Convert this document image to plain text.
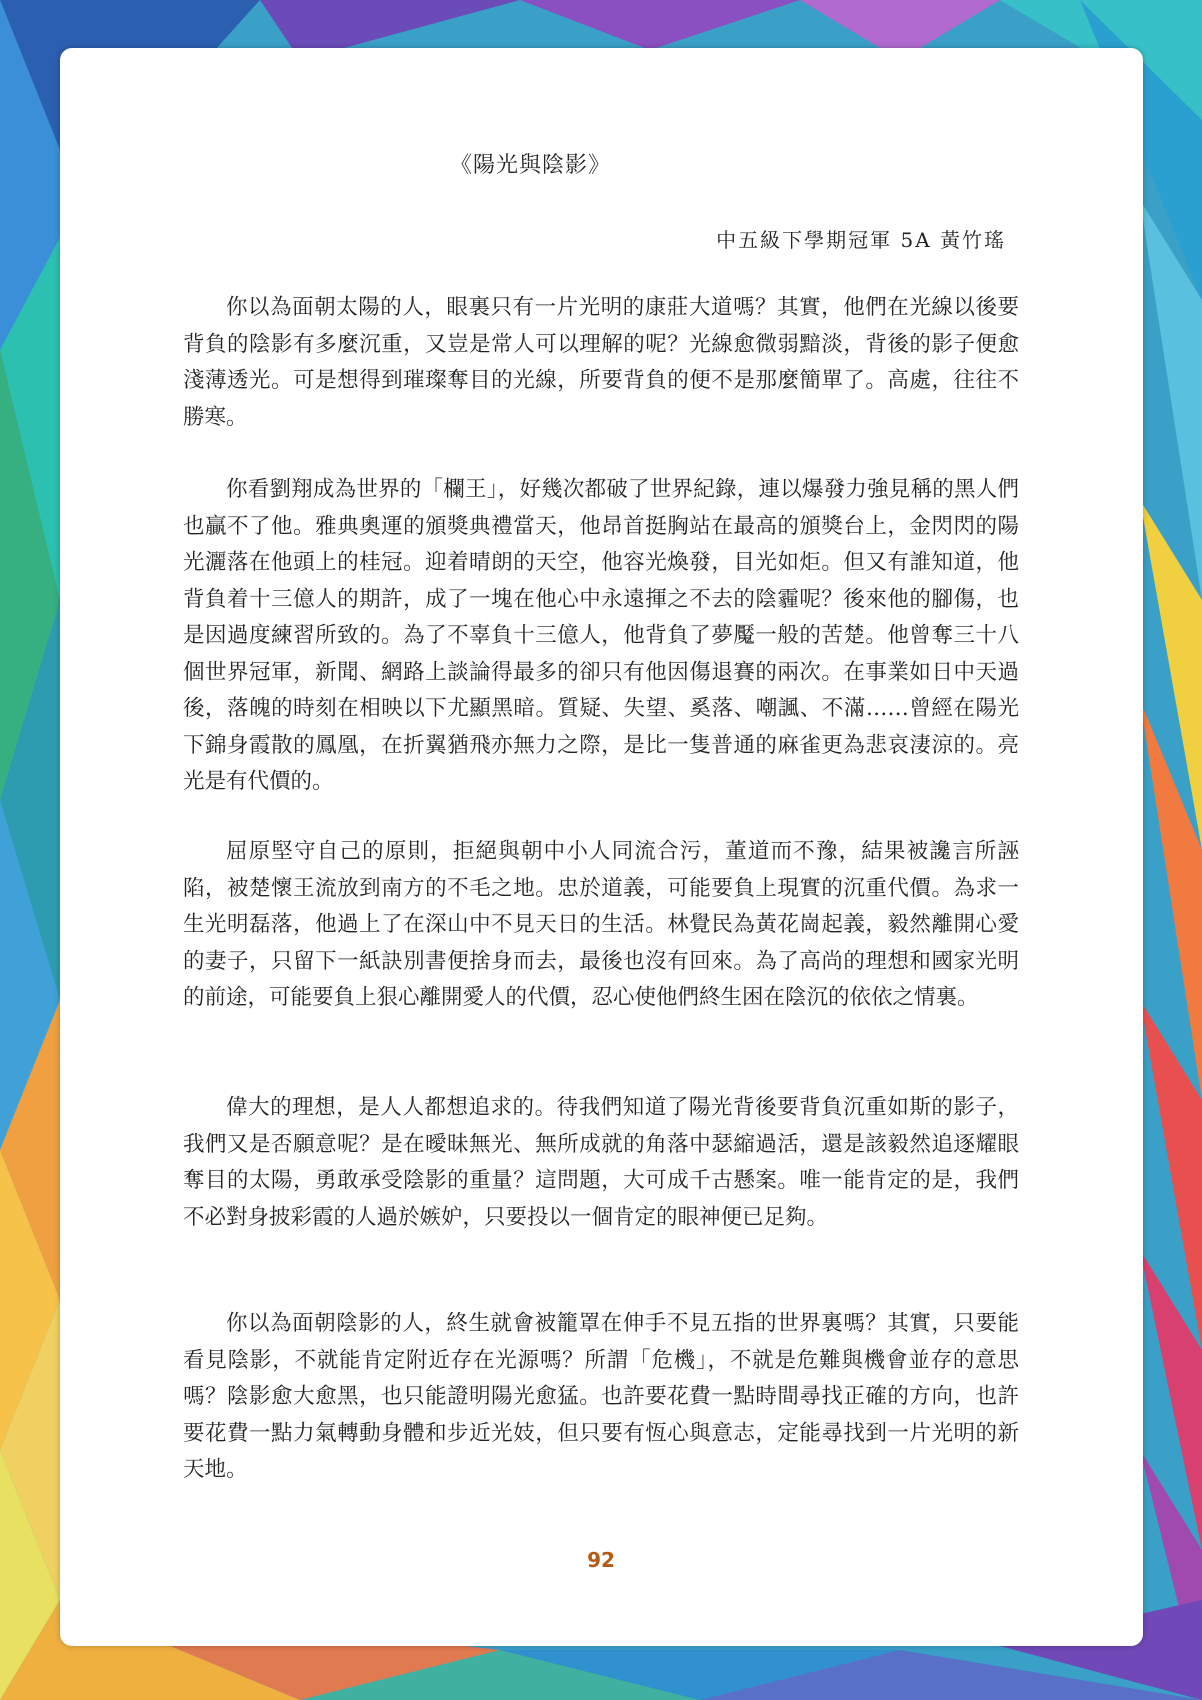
《陽光與陰影》
中五級下學期冠軍 5A 黃竹瑤

你以為面朝太陽的人，眼裏只有一片光明的康莊大道嗎？其實，他們在光線以後要背負的陰影有多麼沉重，又豈是常人可以理解的呢？光線愈微弱黯淡，背後的影子便愈淺薄透光。可是想得到璀璨奪目的光線，所要背負的便不是那麼簡單了。高處，往往不勝寒。

你看劉翔成為世界的「欄王」，好幾次都破了世界紀錄，連以爆發力強見稱的黑人們也贏不了他。雅典奧運的頒獎典禮當天，他昂首挺胸站在最高的頒獎台上，金閃閃的陽光灑落在他頭上的桂冠。迎着晴朗的天空，他容光煥發，目光如炬。但又有誰知道，他背負着十三億人的期許，成了一塊在他心中永遠揮之不去的陰霾呢？後來他的腳傷，也是因過度練習所致的。為了不辜負十三億人，他背負了夢魘一般的苦楚。他曾奪三十八個世界冠軍，新聞、網路上談論得最多的卻只有他因傷退賽的兩次。在事業如日中天過後，落魄的時刻在相映以下尤顯黑暗。質疑、失望、奚落、嘲諷、不滿……曾經在陽光下錦身霞散的鳳凰，在折翼猶飛亦無力之際，是比一隻普通的麻雀更為悲哀淒涼的。亮光是有代價的。

屈原堅守自己的原則，拒絕與朝中小人同流合污，董道而不豫，結果被讒言所誣陷，被楚懷王流放到南方的不毛之地。忠於道義，可能要負上現實的沉重代價。為求一生光明磊落，他過上了在深山中不見天日的生活。林覺民為黃花崗起義，毅然離開心愛的妻子，只留下一紙訣別書便捨身而去，最後也沒有回來。為了高尚的理想和國家光明的前途，可能要負上狠心離開愛人的代價，忍心使他們終生困在陰沉的依依之情裏。

偉大的理想，是人人都想追求的。待我們知道了陽光背後要背負沉重如斯的影子，我們又是否願意呢？是在曖昧無光、無所成就的角落中瑟縮過活，還是該毅然追逐耀眼奪目的太陽，勇敢承受陰影的重量？這問題，大可成千古懸案。唯一能肯定的是，我們不必對身披彩霞的人過於嫉妒，只要投以一個肯定的眼神便已足夠。

你以為面朝陰影的人，終生就會被籠罩在伸手不見五指的世界裏嗎？其實，只要能看見陰影，不就能肯定附近存在光源嗎？所謂「危機」，不就是危難與機會並存的意思嗎？陰影愈大愈黑，也只能證明陽光愈猛。也許要花費一點時間尋找正確的方向，也許要花費一點力氣轉動身體和步近光妓，但只要有恆心與意志，定能尋找到一片光明的新天地。

92
